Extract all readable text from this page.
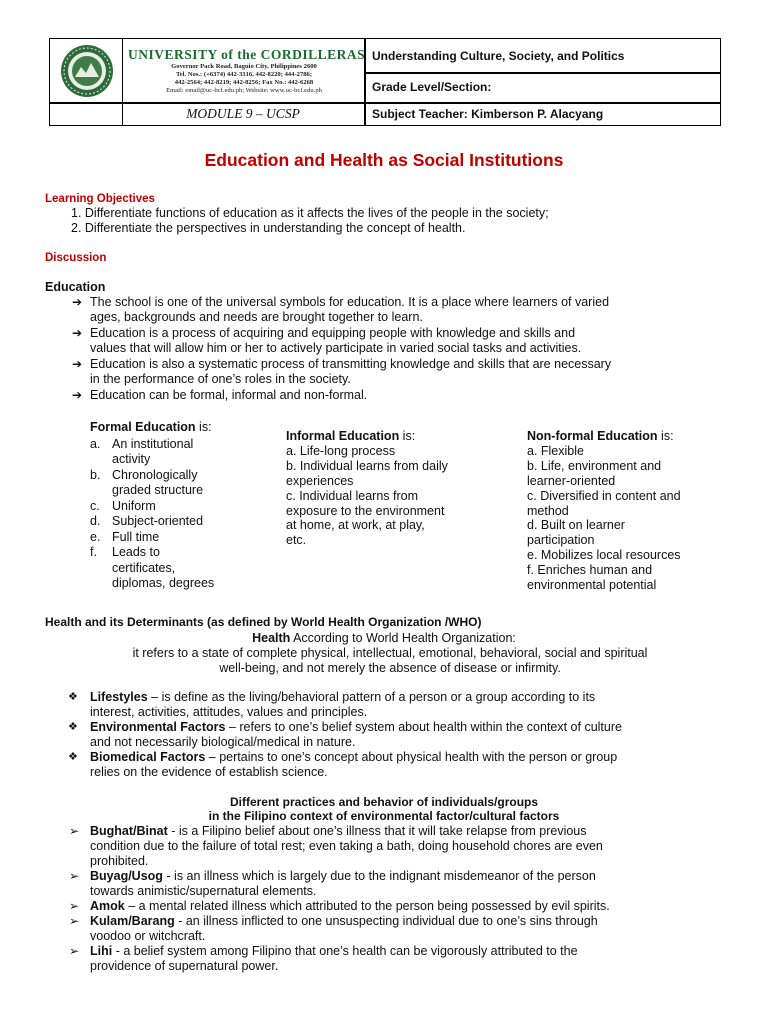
UNIVERSITY of the CORDILLERAS
Governor Pack Road, Baguio City, Philippines 2600
Tel. Nos.: (+6374) 442-3316, 442-8220; 444-2786;
442-2564; 442-8219; 442-8256; Fax No.: 442-6268
Email: email@uc-bcf.edu.ph; Website: www.uc-bcf.edu.ph
MODULE 9 – UCSP
Understanding Culture, Society, and Politics
Grade Level/Section:
Subject Teacher: Kimberson P. Alacyang
Education and Health as Social Institutions
Learning Objectives
1. Differentiate functions of education as it affects the lives of the people in the society;
2. Differentiate the perspectives in understanding the concept of health.
Discussion
Education
➔ The school is one of the universal symbols for education. It is a place where learners of varied
ages, backgrounds and needs are brought together to learn.
➔ Education is a process of acquiring and equipping people with knowledge and skills and
values that will allow him or her to actively participate in varied social tasks and activities.
➔ Education is also a systematic process of transmitting knowledge and skills that are necessary
in the performance of one’s roles in the society.
➔ Education can be formal, informal and non-formal.
Formal Education is:
a. An institutional
activity
b. Chronologically
graded structure
c. Uniform
d. Subject-oriented
e. Full time
f. Leads to
certificates,
diplomas, degrees
Informal Education is:
a. Life-long process
b. Individual learns from daily
experiences
c. Individual learns from
exposure to the environment
at home, at work, at play,
etc.
Non-formal Education is:
a. Flexible
b. Life, environment and
learner-oriented
c. Diversified in content and
method
d. Built on learner
participation
e. Mobilizes local resources
f. Enriches human and
environmental potential
Health and its Determinants (as defined by World Health Organization /WHO)
Health According to World Health Organization:
it refers to a state of complete physical, intellectual, emotional, behavioral, social and spiritual
well-being, and not merely the absence of disease or infirmity.
❖ Lifestyles – is define as the living/behavioral pattern of a person or a group according to its
interest, activities, attitudes, values and principles.
❖ Environmental Factors – refers to one’s belief system about health within the context of culture
and not necessarily biological/medical in nature.
❖ Biomedical Factors – pertains to one’s concept about physical health with the person or group
relies on the evidence of establish science.
Different practices and behavior of individuals/groups
in the Filipino context of environmental factor/cultural factors
➢ Bughat/Binat - is a Filipino belief about one’s illness that it will take relapse from previous
condition due to the failure of total rest; even taking a bath, doing household chores are even
prohibited.
➢ Buyag/Usog - is an illness which is largely due to the indignant misdemeanor of the person
towards animistic/supernatural elements.
➢ Amok – a mental related illness which attributed to the person being possessed by evil spirits.
➢ Kulam/Barang - an illness inflicted to one unsuspecting individual due to one’s sins through
voodoo or witchcraft.
➢ Lihi - a belief system among Filipino that one’s health can be vigorously attributed to the
providence of supernatural power.
